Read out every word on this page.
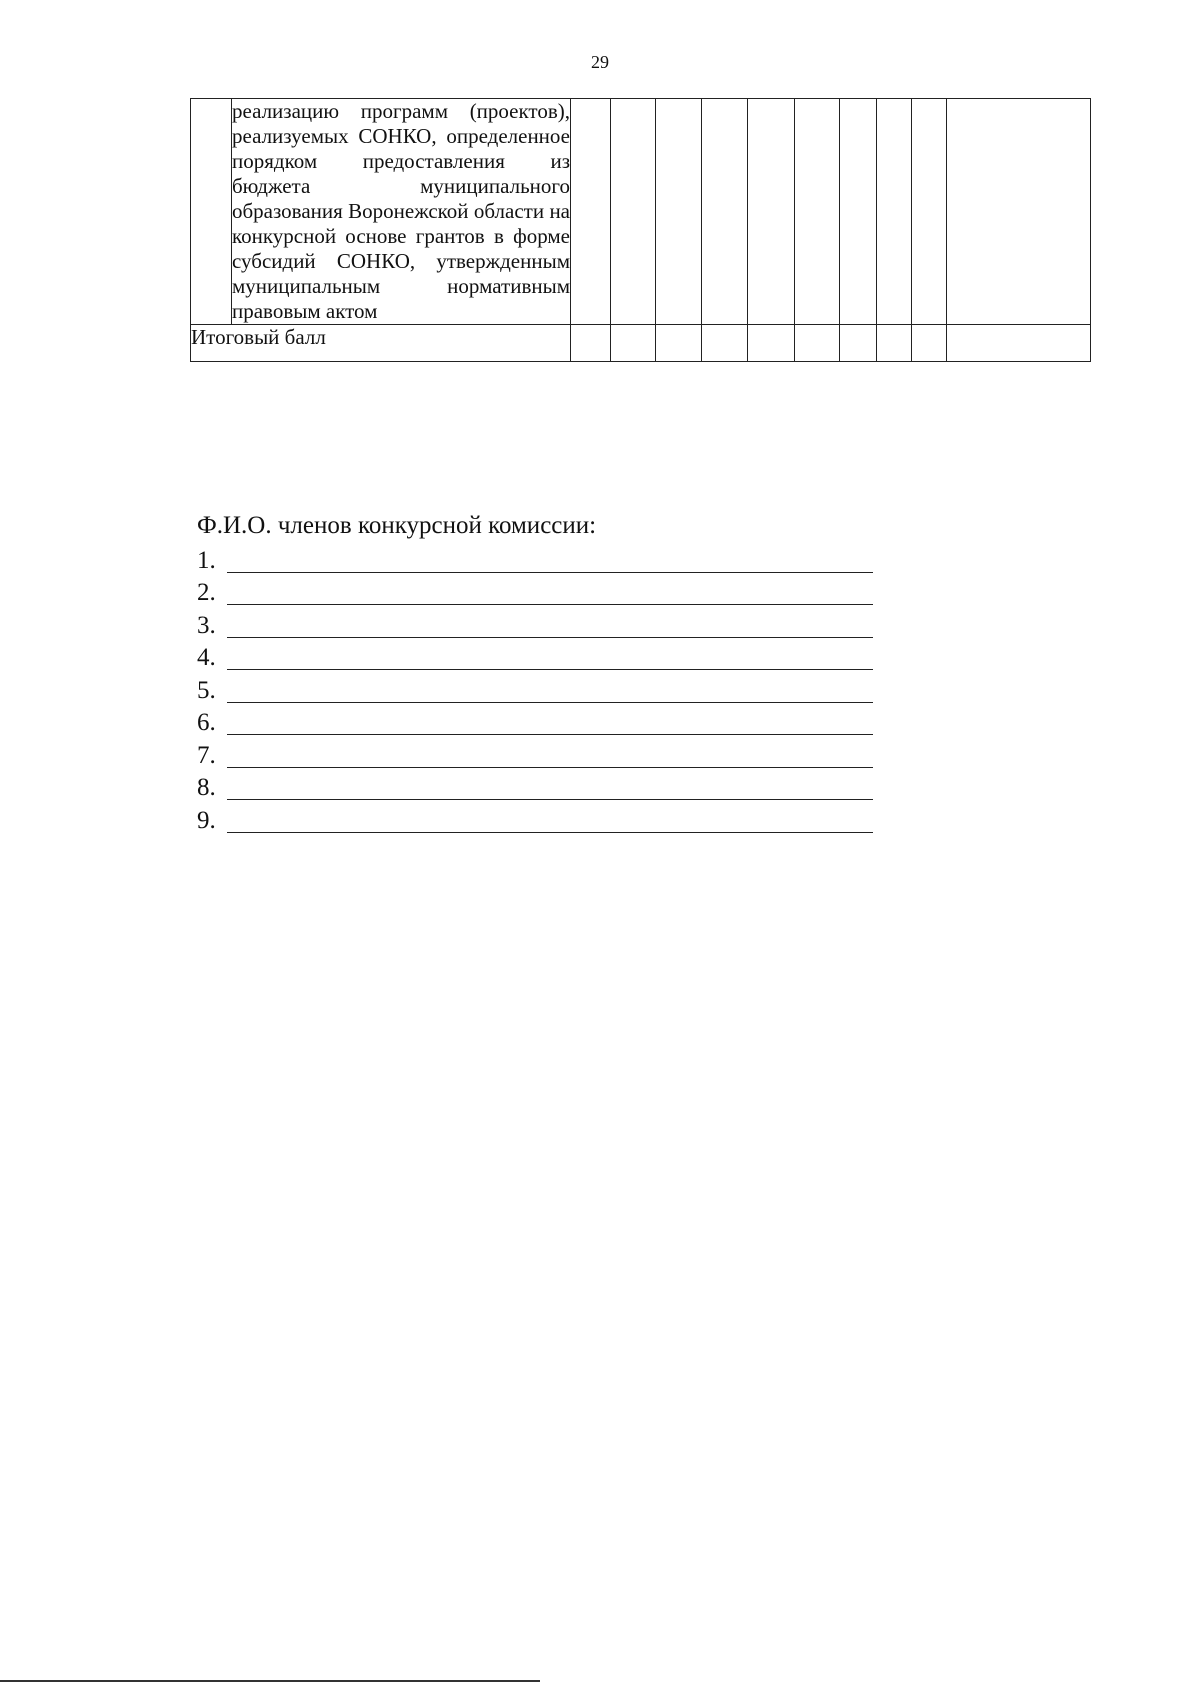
29
	реализацию программ (проектов), реализуемых СОНКО, определенное порядком предоставления из бюджета муниципального образования Воронежской области на конкурсной основе грантов в форме субсидий СОНКО, утвержденным муниципальным нормативным правовым актом										
Итоговый балл											
Ф.И.О. членов конкурсной комиссии:
1.
2.
3.
4.
5.
6.
7.
8.
9.
